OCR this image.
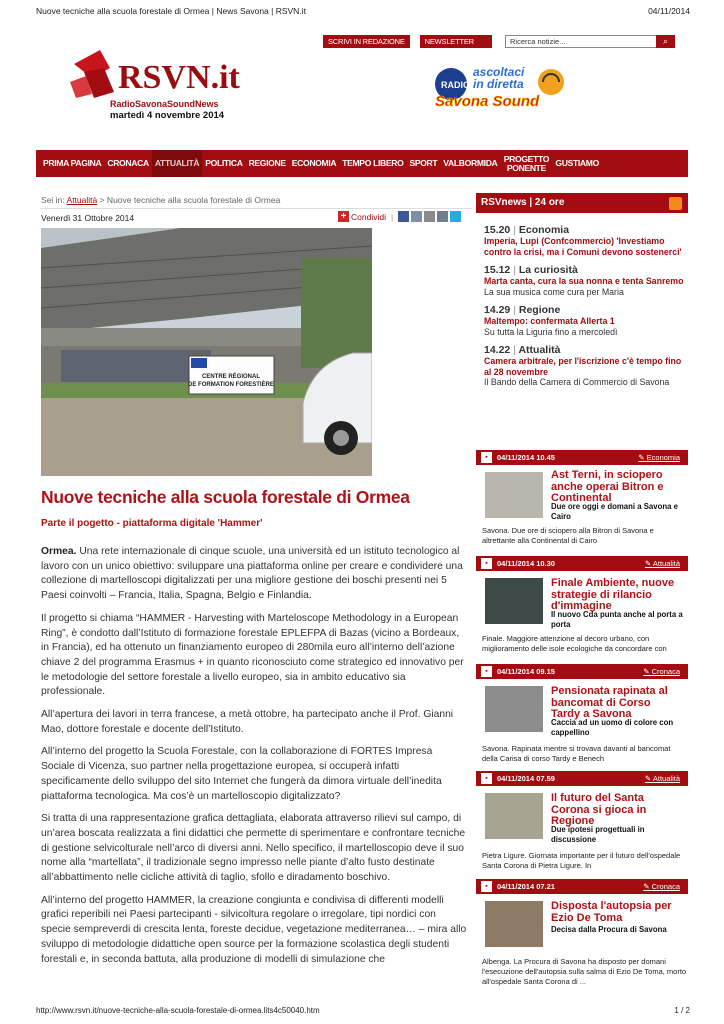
Nuove tecniche alla scuola forestale di Ormea | News Savona | RSVN.it	04/11/2014
SCRIVI IN REDAZIONE	NEWSLETTER	Ricerca notizie...	⌕
RSVN.it
RadioSavonaSoundNews
martedì 4 novembre 2014
RADIO
ascoltaci
in diretta
Savona Sound
PRIMA PAGINA CRONACA ATTUALITÀ POLITICA REGIONE ECONOMIA TEMPO LIBERO SPORT VALBORMIDA PROGETTO PONENTE	GUSTIAMO
Sei in: Attualità > Nuove tecniche alla scuola forestale di Ormea
Venerdì 31 Ottobre 2014	+ Condividi |
CENTRE RÉGIONAL
DE FORMATION FORESTIÈRE
Nuove tecniche alla scuola forestale di Ormea
Parte il pogetto - piattaforma digitale 'Hammer'

Ormea. Una rete internazionale di cinque scuole, una università ed un istituto tecnologico al lavoro con un unico obiettivo: sviluppare una piattaforma online per creare e condividere una collezione di martelloscopi digitalizzati per una migliore gestione dei boschi presenti nei 5 Paesi coinvolti – Francia, Italia, Spagna, Belgio e Finlandia.

Il progetto si chiama “HAMMER - Harvesting with Marteloscope Methodology in a European Ring”, è condotto dall’Istituto di formazione forestale EPLEFPA di Bazas (vicino a Bordeaux, in Francia), ed ha ottenuto un finanziamento europeo di 280mila euro all’interno dell’azione chiave 2 del programma Erasmus + in quanto riconosciuto come strategico ed innovativo per le metodologie del settore forestale a livello europeo, sia in ambito educativo sia professionale.

All’apertura dei lavori in terra francese, a metà ottobre, ha partecipato anche il Prof. Gianni Mao, dottore forestale e docente dell’Istituto.

All’interno del progetto la Scuola Forestale, con la collaborazione di FORTES Impresa Sociale di Vicenza, suo partner nella progettazione europea, si occuperà infatti specificamente dello sviluppo del sito Internet che fungerà da dimora virtuale dell’inedita piattaforma tecnologica. Ma cos’è un martelloscopio digitalizzato?

Si tratta di una rappresentazione grafica dettagliata, elaborata attraverso rilievi sul campo, di un’area boscata realizzata a fini didattici che permette di sperimentare e confrontare tecniche di gestione selvicolturale nell’arco di diversi anni. Nello specifico, il martelloscopio deve il suo nome alla “martellata”, il tradizionale segno impresso nelle piante d’alto fusto destinate all’abbattimento nelle cicliche attività di taglio, sfollo e diradamento boschivo.

All’interno del progetto HAMMER, la creazione congiunta e condivisa di differenti modelli grafici reperibili nei Paesi partecipanti - silvicoltura regolare o irregolare, tipi nordici con specie sempreverdi di crescita lenta, foreste decidue, vegetazione mediterranea… – mira allo sviluppo di metodologie didattiche open source per la formazione scolastica degli studenti forestali e, in seconda battuta, alla produzione di modelli di simulazione che

RSVnews | 24 ore
15.20 | Economia
Imperia, Lupi (Confcommercio) 'Investiamo contro la crisi, ma i Comuni devono sostenerci'
15.12 | La curiosità
Marta canta, cura la sua nonna e tenta Sanremo
La sua musica come cura per Maria
14.29 | Regione
Maltempo: confermata Allerta 1
Su tutta la Liguria fino a mercoledì
14.22 | Attualità
Camera arbitrale, per l'iscrizione c'è tempo fino al 28 novembre
Il Bando della Camera di Commercio di Savona
▪	04/11/2014 10.45	✎ Economia
Ast Terni, in sciopero anche operai Bitron e Continental
Due ore oggi e domani a Savona e Cairo
Savona. Due ore di sciopero alla Bitron di Savona e altrettante alla Continental di Cairo
▪	04/11/2014 10.30	✎ Attualità
Finale Ambiente, nuove strategie di rilancio d'immagine
Il nuovo Cda punta anche al porta a porta
Finale. Maggiore attenzione al decoro urbano, con miglioramento delle isole ecologiche da concordare con
▪	04/11/2014 09.15	✎ Cronaca
Pensionata rapinata al bancomat di Corso Tardy a Savona
Caccia ad un uomo di colore con cappellino
Savona. Rapinata mentre si trovava davanti al bancomat della Carisa di corso Tardy e Benech
▪	04/11/2014 07.59	✎ Attualità
Il futuro del Santa Corona si gioca in Regione
Due ipotesi progettuali in discussione
Pietra Ligure. Giornata importante per il futuro dell'ospedale Santa Corona di Pietra Ligure. In
▪	04/11/2014 07.21	✎ Cronaca
Disposta l'autopsia per Ezio De Toma
Decisa dalla Procura di Savona
Albenga. La Procura di Savona ha disposto per domani l'esecuzione dell'autopsia sulla salma di Ezio De Toma, morto all'ospedale Santa Corona di ...
http://www.rsvn.it/nuove-tecniche-alla-scuola-forestale-di-ormea.lits4c50040.htm	1 / 2
